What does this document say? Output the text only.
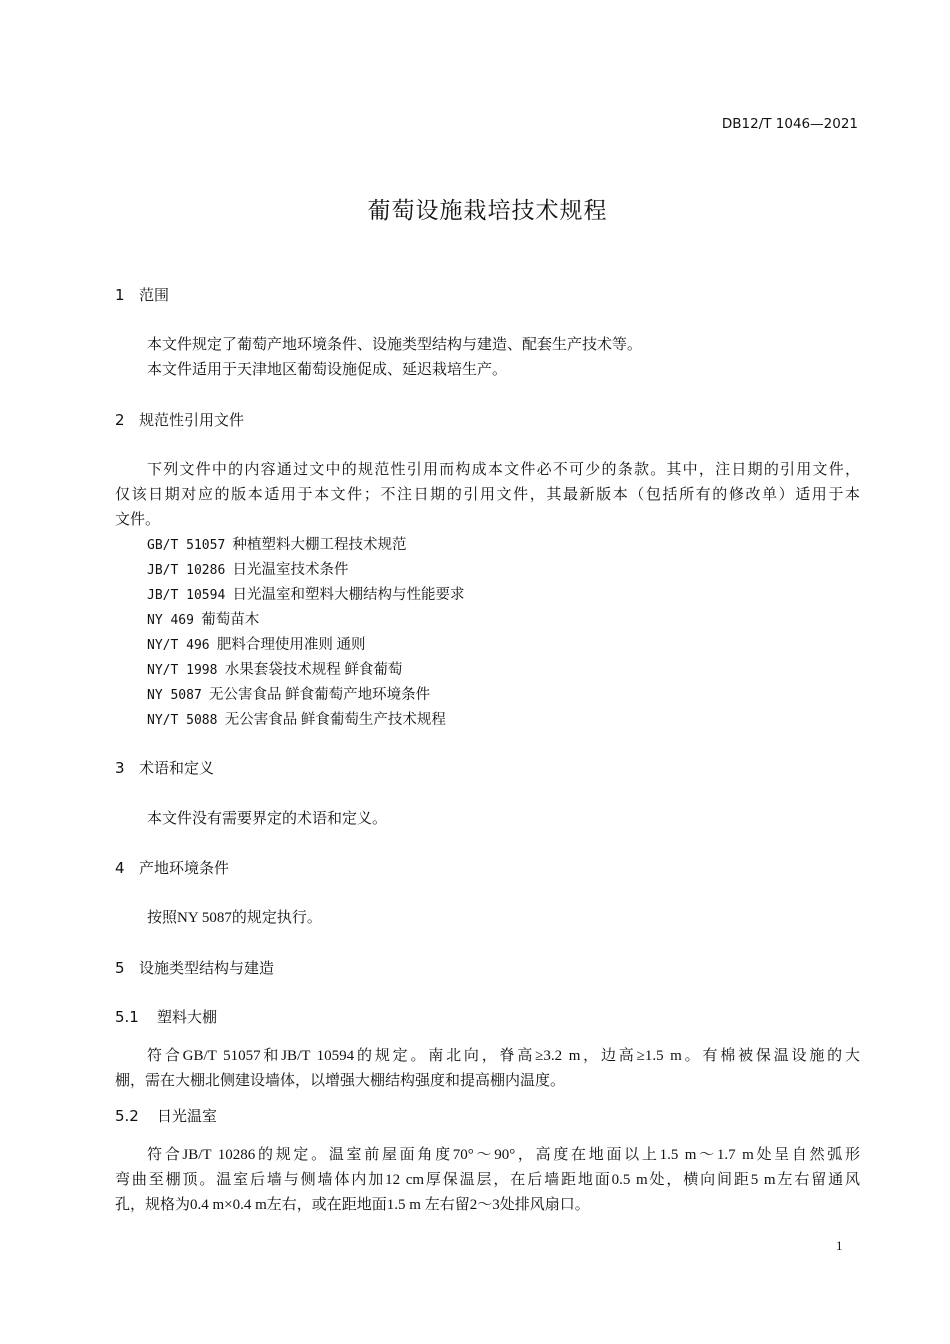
DB12/T 1046—2021
葡萄设施栽培技术规程
1 范围
本文件规定了葡萄产地环境条件、设施类型结构与建造、配套生产技术等。
本文件适用于天津地区葡萄设施促成、延迟栽培生产。
2 规范性引用文件
下列文件中的内容通过文中的规范性引用而构成本文件必不可少的条款。其中，注日期的引用文件，
仅该日期对应的版本适用于本文件；不注日期的引用文件，其最新版本（包括所有的修改单）适用于本
文件。
GB/T 51057 种植塑料大棚工程技术规范
JB/T 10286 日光温室技术条件
JB/T 10594 日光温室和塑料大棚结构与性能要求
NY 469 葡萄苗木
NY/T 496 肥料合理使用准则 通则
NY/T 1998 水果套袋技术规程 鲜食葡萄
NY 5087 无公害食品 鲜食葡萄产地环境条件
NY/T 5088 无公害食品 鲜食葡萄生产技术规程
3 术语和定义
本文件没有需要界定的术语和定义。
4 产地环境条件
按照NY 5087的规定执行。
5 设施类型结构与建造
5.1 塑料大棚
符合GB/T 51057和JB/T 10594的规定。南北向，脊高≥3.2 m，边高≥1.5 m。有棉被保温设施的大
棚，需在大棚北侧建设墙体，以增强大棚结构强度和提高棚内温度。
5.2 日光温室
符合JB/T 10286的规定。温室前屋面角度70°～90°，高度在地面以上1.5 m～1.7 m处呈自然弧形
弯曲至棚顶。温室后墙与侧墙体内加12 cm厚保温层，在后墙距地面0.5 m处，横向间距5 m左右留通风
孔，规格为0.4 m×0.4 m左右，或在距地面1.5 m 左右留2～3处排风扇口。
1
